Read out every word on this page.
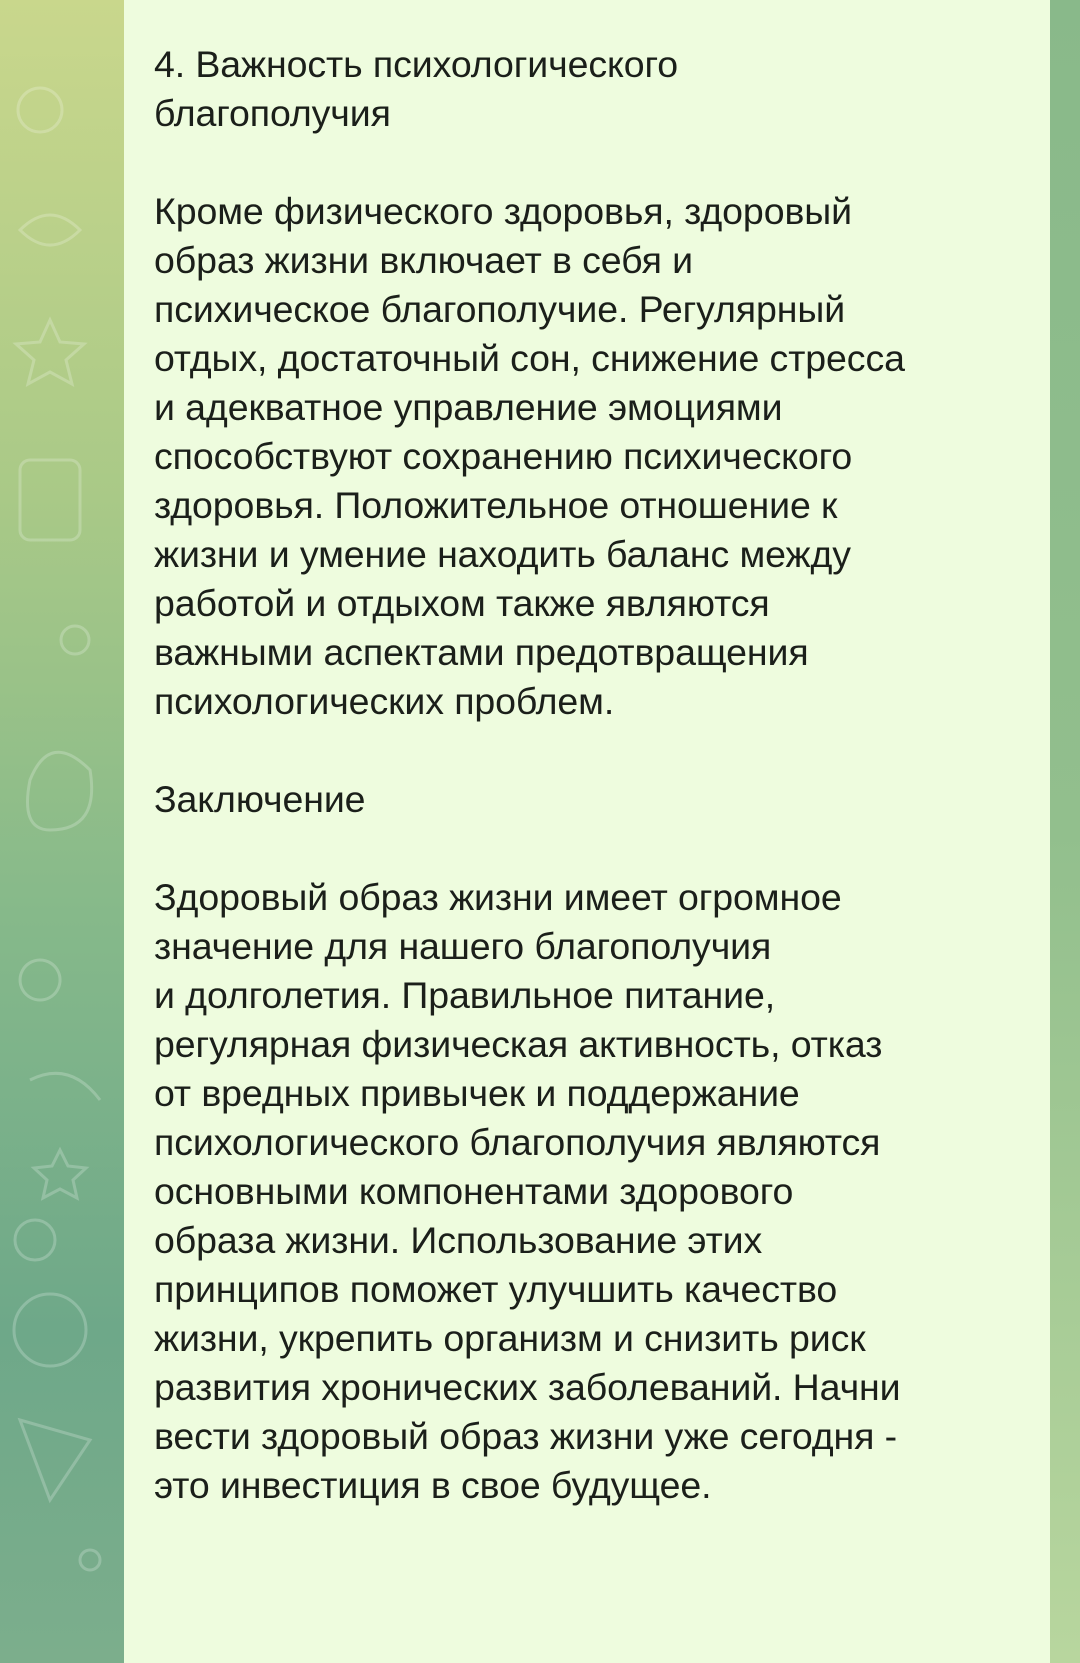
4. Важность психологического
благополучия

Кроме физического здоровья, здоровый
образ жизни включает в себя и
психическое благополучие. Регулярный
отдых, достаточный сон, снижение стресса
и адекватное управление эмоциями
способствуют сохранению психического
здоровья. Положительное отношение к
жизни и умение находить баланс между
работой и отдыхом также являются
важными аспектами предотвращения
психологических проблем.

Заключение

Здоровый образ жизни имеет огромное
значение для нашего благополучия
и долголетия. Правильное питание,
регулярная физическая активность, отказ
от вредных привычек и поддержание
психологического благополучия являются
основными компонентами здорового
образа жизни. Использование этих
принципов поможет улучшить качество
жизни, укрепить организм и снизить риск
развития хронических заболеваний. Начни
вести здоровый образ жизни уже сегодня -
это инвестиция в свое будущее.
